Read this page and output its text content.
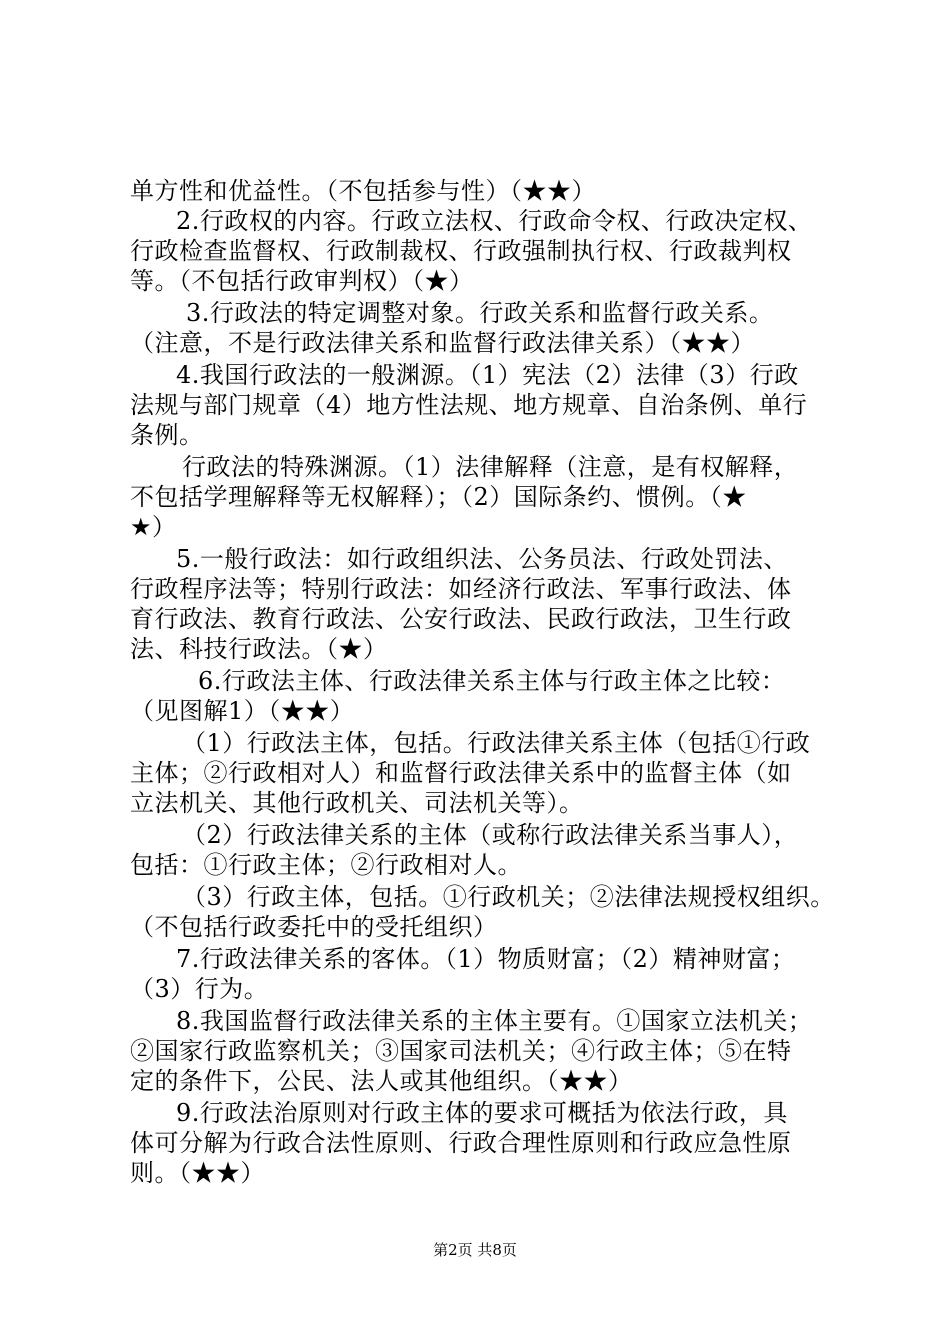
单方性和优益性。（不包括参与性）（★★）
2.行政权的内容。行政立法权、行政命令权、行政决定权、
行政检查监督权、行政制裁权、行政强制执行权、行政裁判权
等。（不包括行政审判权）（★）
3.行政法的特定调整对象。行政关系和监督行政关系。
（注意，不是行政法律关系和监督行政法律关系）（★★）
4.我国行政法的一般渊源。（1）宪法（2）法律（3）行政
法规与部门规章（4）地方性法规、地方规章、自治条例、单行
条例。
行政法的特殊渊源。（1）法律解释（注意，是有权解释，
不包括学理解释等无权解释）；（2）国际条约、惯例。（★
★）
5.一般行政法：如行政组织法、公务员法、行政处罚法、
行政程序法等；特别行政法：如经济行政法、军事行政法、体
育行政法、教育行政法、公安行政法、民政行政法，卫生行政
法、科技行政法。（★）
6.行政法主体、行政法律关系主体与行政主体之比较：
（见图解1）（★★）
（1）行政法主体，包括。行政法律关系主体（包括①行政
主体；②行政相对人）和监督行政法律关系中的监督主体（如
立法机关、其他行政机关、司法机关等）。
（2）行政法律关系的主体（或称行政法律关系当事人），
包括：①行政主体；②行政相对人。
（3）行政主体，包括。①行政机关；②法律法规授权组织。
（不包括行政委托中的受托组织）
7.行政法律关系的客体。（1）物质财富；（2）精神财富；
（3）行为。
8.我国监督行政法律关系的主体主要有。①国家立法机关；
②国家行政监察机关；③国家司法机关；④行政主体；⑤在特
定的条件下，公民、法人或其他组织。（★★）
9.行政法治原则对行政主体的要求可概括为依法行政，具
体可分解为行政合法性原则、行政合理性原则和行政应急性原
则。（★★）
第2页 共8页
